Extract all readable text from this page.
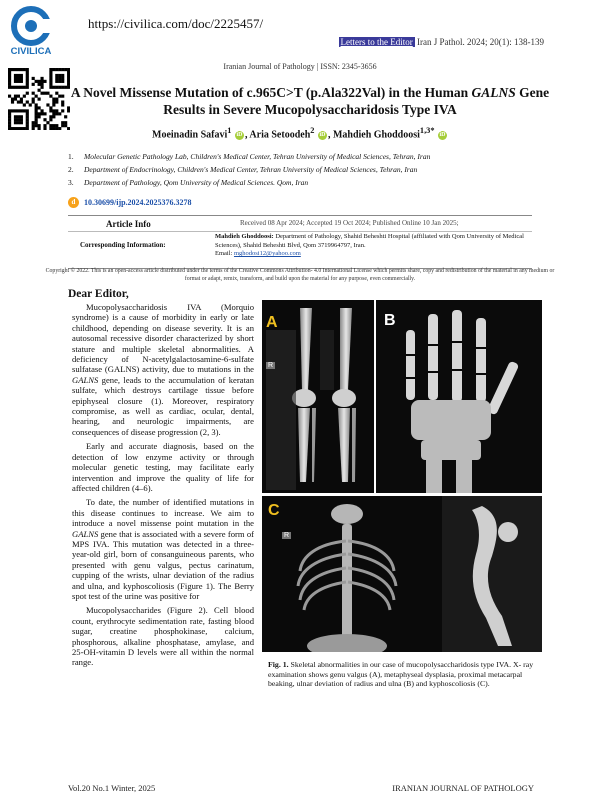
CIVILICA
https://civilica.com/doc/2225457/
Letters to the Editor Iran J Pathol. 2024; 20(1): 138-139
Iranian Journal of Pathology | ISSN: 2345-3656
A Novel Missense Mutation of c.965C>T (p.Ala322Val) in the Human GALNS Gene Results in Severe Mucopolysaccharidosis Type IVA
Moeinadin Safavi$^1$ iD , Aria Setoodeh$^2$ iD , Mahdieh Ghoddoosi$^{1,3*}$ iD
1. Molecular Genetic Pathology Lab, Children's Medical Center, Tehran University of Medical Sciences, Tehran, Iran
2. Department of Endocrinology, Children's Medical Center, Tehran University of Medical Sciences, Tehran, Iran
3. Department of Pathology, Qom University of Medical Sciences. Qom, Iran
d	10.30699/ijp.2024.2025376.3278
Article Info	Received 08 Apr 2024; Accepted 19 Oct 2024; Published Online 10 Jan 2025;
Corresponding Information:
Mahdieh Ghoddoosi: Department of Pathology, Shahid Beheshti Hospital (affiliated with Qom University of Medical Sciences), Shahid Beheshti Blvd, Qom 3719964797, Iran.
Email: mghodosi12@yahoo.com
Copyright © 2022. This is an open-access article distributed under the terms of the Creative Commons Attribution- 4.0 International License which permits share, copy and redistribution of the material in any medium or format or adapt, remix, transform, and build upon the material for any purpose, even commercially.
Dear Editor,

Mucopolysaccharidosis IVA (Morquio syndrome) is a cause of morbidity in early or late childhood, depending on disease severity. It is an autosomal recessive disorder characterized by short stature and multiple skeletal abnormalities. A deficiency of N-acetylgalactosamine-6-sulfate sulfatase (GALNS) activity, due to mutations in the GALNS gene, leads to the accumulation of keratan sulfate, which destroys cartilage tissue before epiphyseal closure (1). Moreover, respiratory compromise, as well as cardiac, ocular, dental, hearing, and neurologic impairments, are consequences of disease progression (2, 3).

Early and accurate diagnosis, based on the detection of low enzyme activity or through molecular genetic testing, may facilitate early intervention and improve the quality of life for affected children (4–6).

To date, the number of identified mutations in this disease continues to increase. We aim to introduce a novel missense point mutation in the GALNS gene that is associated with a severe form of MPS IVA. This mutation was detected in a three-year-old girl, born of consanguineous parents, who presented with genu valgus, pectus carinatum, cupping of the wrists, ulnar deviation of the radius and ulna, and kyphoscoliosis (Figure 1). The Berry spot test of the urine was positive for

Mucopolysaccharides (Figure 2). Cell blood count, erythrocyte sedimentation rate, fasting blood sugar, creatine phosphokinase, calcium, phosphorous, alkaline phosphatase, amylase, and 25-OH-vitamin D levels were all within the normal range.

A
R
B
C
R
Fig. 1. Skeletal abnormalities in our case of mucopolysaccharidosis type IVA. X- ray examination shows genu valgus (A), metaphyseal dysplasia, proximal metacarpal beaking, ulnar deviation of radius and ulna (B) and kyphoscoliosis (C).
Vol.20 No.1 Winter, 2025	IRANIAN JOURNAL OF PATHOLOGY
